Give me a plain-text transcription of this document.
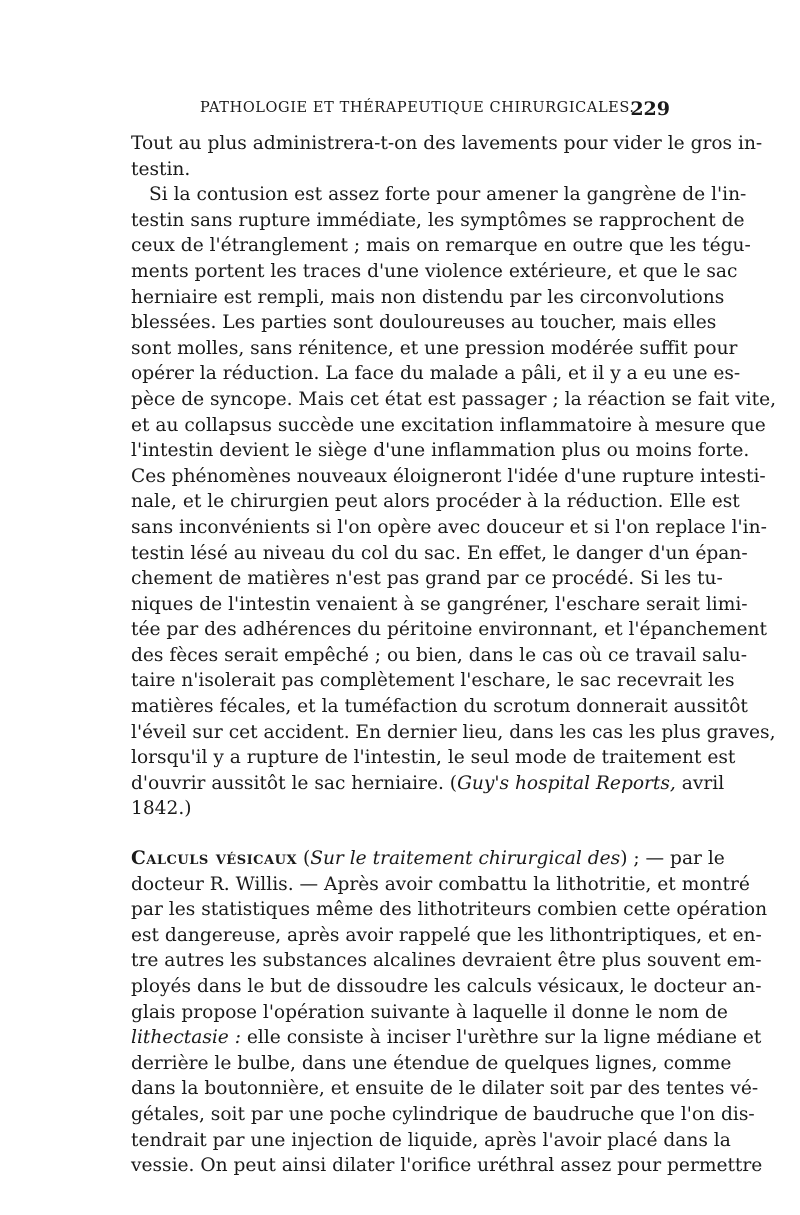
PATHOLOGIE ET THÉRAPEUTIQUE CHIRURGICALES.
229
Tout au plus administrera-t-on des lavements pour vider le gros in-
testin.
Si la contusion est assez forte pour amener la gangrène de l'in-
testin sans rupture immédiate, les symptômes se rapprochent de
ceux de l'étranglement ; mais on remarque en outre que les tégu-
ments portent les traces d'une violence extérieure, et que le sac
herniaire est rempli, mais non distendu par les circonvolutions
blessées. Les parties sont douloureuses au toucher, mais elles
sont molles, sans rénitence, et une pression modérée suffit pour
opérer la réduction. La face du malade a pâli, et il y a eu une es-
pèce de syncope. Mais cet état est passager ; la réaction se fait vite,
et au collapsus succède une excitation inflammatoire à mesure que
l'intestin devient le siège d'une inflammation plus ou moins forte.
Ces phénomènes nouveaux éloigneront l'idée d'une rupture intesti-
nale, et le chirurgien peut alors procéder à la réduction. Elle est
sans inconvénients si l'on opère avec douceur et si l'on replace l'in-
testin lésé au niveau du col du sac. En effet, le danger d'un épan-
chement de matières n'est pas grand par ce procédé. Si les tu-
niques de l'intestin venaient à se gangréner, l'eschare serait limi-
tée par des adhérences du péritoine environnant, et l'épanchement
des fèces serait empêché ; ou bien, dans le cas où ce travail salu-
taire n'isolerait pas complètement l'eschare, le sac recevrait les
matières fécales, et la tuméfaction du scrotum donnerait aussitôt
l'éveil sur cet accident. En dernier lieu, dans les cas les plus graves,
lorsqu'il y a rupture de l'intestin, le seul mode de traitement est
d'ouvrir aussitôt le sac herniaire. (Guy's hospital Reports, avril
1842.)
Calculs vésicaux (Sur le traitement chirurgical des) ; — par le
docteur R. Willis. — Après avoir combattu la lithotritie, et montré
par les statistiques même des lithotriteurs combien cette opération
est dangereuse, après avoir rappelé que les lithontriptiques, et en-
tre autres les substances alcalines devraient être plus souvent em-
ployés dans le but de dissoudre les calculs vésicaux, le docteur an-
glais propose l'opération suivante à laquelle il donne le nom de
lithectasie : elle consiste à inciser l'urèthre sur la ligne médiane et
derrière le bulbe, dans une étendue de quelques lignes, comme
dans la boutonnière, et ensuite de le dilater soit par des tentes vé-
gétales, soit par une poche cylindrique de baudruche que l'on dis-
tendrait par une injection de liquide, après l'avoir placé dans la
vessie. On peut ainsi dilater l'orifice uréthral assez pour permettre
